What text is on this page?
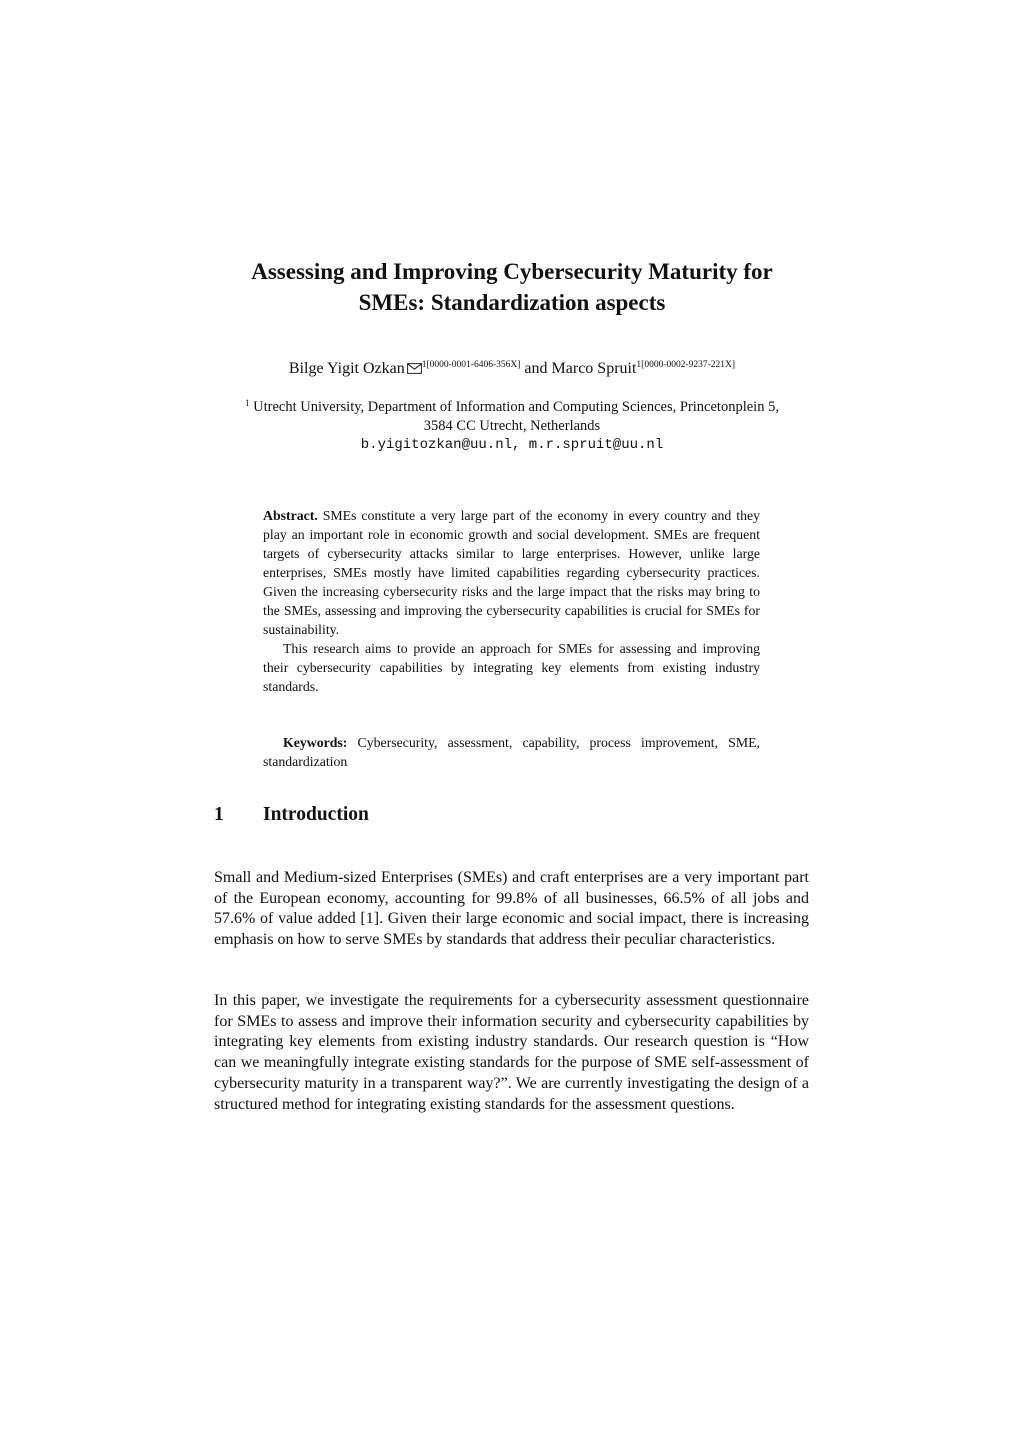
Assessing and Improving Cybersecurity Maturity for
SMEs: Standardization aspects
Bilge Yigit Ozkan $^{1[0000-0001-6406-356X]}$ and Marco Spruit$^{1[0000-0002-9237-221X]}$
$^1$ Utrecht University, Department of Information and Computing Sciences, Princetonplein 5,
3584 CC Utrecht, Netherlands
b.yigitozkan@uu.nl, m.r.spruit@uu.nl

Abstract. SMEs constitute a very large part of the economy in every country and they play an important role in economic growth and social development. SMEs are frequent targets of cybersecurity attacks similar to large enterprises. However, unlike large enterprises, SMEs mostly have limited capabilities regarding cybersecurity practices. Given the increasing cybersecurity risks and the large impact that the risks may bring to the SMEs, assessing and improving the cybersecurity capabilities is crucial for SMEs for sustainability.

This research aims to provide an approach for SMEs for assessing and improving their cybersecurity capabilities by integrating key elements from existing industry standards.

Keywords: Cybersecurity, assessment, capability, process improvement, SME, standardization
1 Introduction

Small and Medium-sized Enterprises (SMEs) and craft enterprises are a very important part of the European economy, accounting for 99.8% of all businesses, 66.5% of all jobs and 57.6% of value added [1]. Given their large economic and social impact, there is increasing emphasis on how to serve SMEs by standards that address their peculiar characteristics.

In this paper, we investigate the requirements for a cybersecurity assessment questionnaire for SMEs to assess and improve their information security and cybersecurity capabilities by integrating key elements from existing industry standards. Our research question is “How can we meaningfully integrate existing standards for the purpose of SME self-assessment of cybersecurity maturity in a transparent way?”. We are currently investigating the design of a structured method for integrating existing standards for the assessment questions.
